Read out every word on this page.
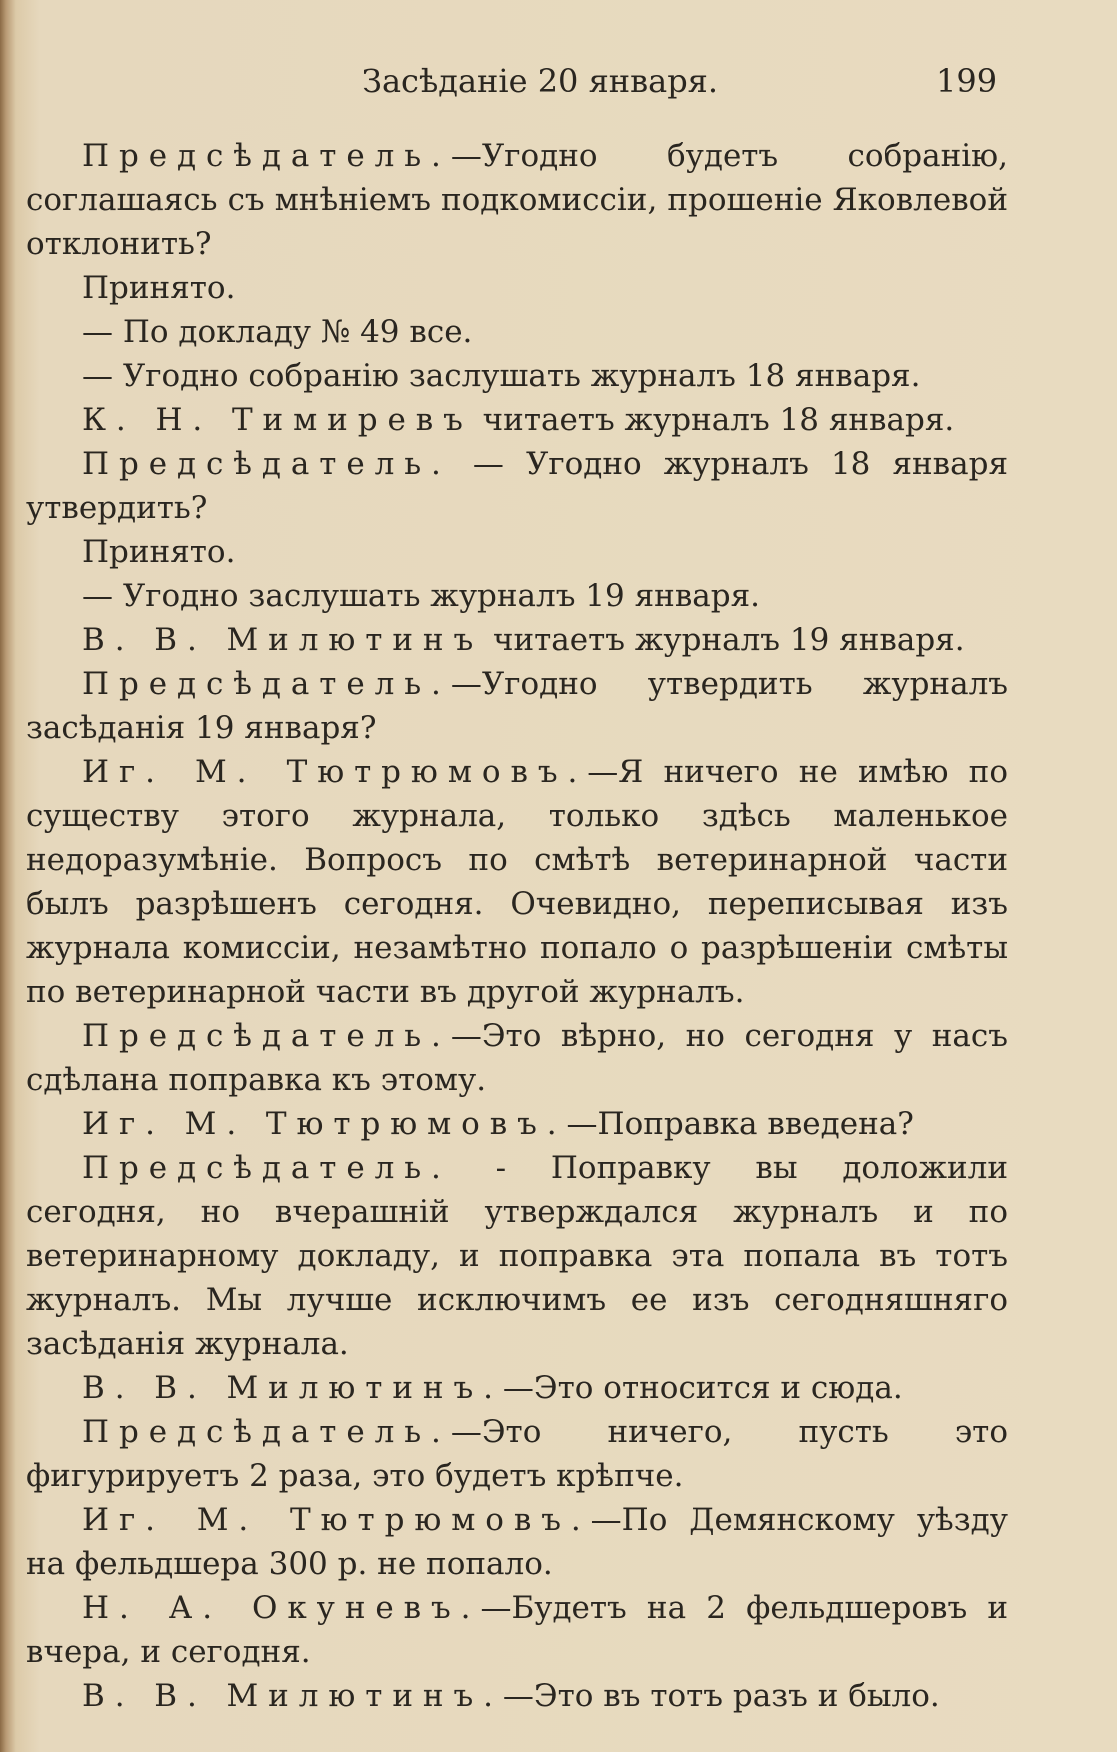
Засѣданіе 20 января.	199

Предсѣдатель.—Угодно будетъ собранію, соглашаясь съ мнѣніемъ подкомиссіи, прошеніе Яковлевой отклонить?

Принято.

— По докладу № 49 все.

— Угодно собранію заслушать журналъ 18 января.

К. Н. Тимиревъ читаетъ журналъ 18 января.

Предсѣдатель. — Угодно журналъ 18 января утвердить?

Принято.

— Угодно заслушать журналъ 19 января.

В. В. Милютинъ читаетъ журналъ 19 января.

Предсѣдатель.—Угодно утвердить журналъ засѣданія 19 января?

Иг. М. Тютрюмовъ.—Я ничего не имѣю по существу этого журнала, только здѣсь маленькое недоразумѣніе. Вопросъ по смѣтѣ ветеринарной части былъ разрѣшенъ сегодня. Очевидно, переписывая изъ журнала комиссіи, незамѣтно попало о разрѣшеніи смѣты по ветеринарной части въ другой журналъ.

Предсѣдатель.—Это вѣрно, но сегодня у насъ сдѣлана поправка къ этому.

Иг. М. Тютрюмовъ.—Поправка введена?

Предсѣдатель. - Поправку вы доложили сегодня, но вчерашній утверждался журналъ и по ветеринарному докладу, и поправка эта попала въ тотъ журналъ. Мы лучше исключимъ ее изъ сегодняшняго засѣданія журнала.

В. В. Милютинъ.—Это относится и сюда.

Предсѣдатель.—Это ничего, пусть это фигурируетъ 2 раза, это будетъ крѣпче.

Иг. М. Тютрюмовъ.—По Демянскому уѣзду на фельдшера 300 р. не попало.

Н. А. Окуневъ.—Будетъ на 2 фельдшеровъ и вчера, и сегодня.

В. В. Милютинъ.—Это въ тотъ разъ и было.
